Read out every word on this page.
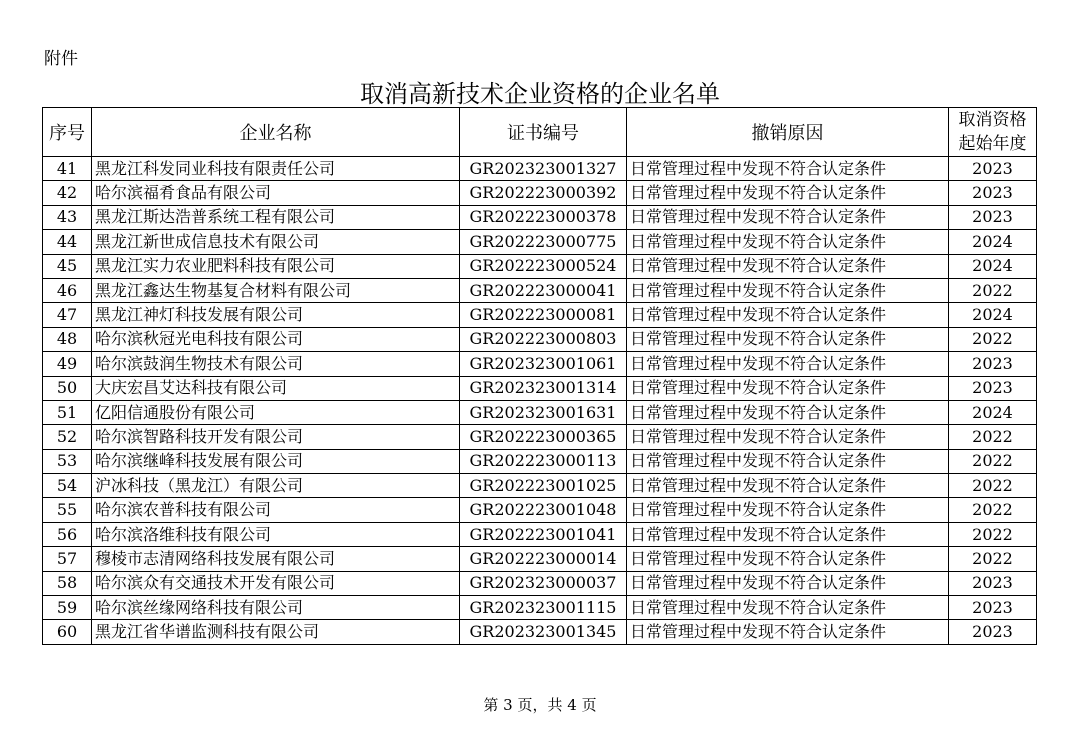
附件
取消高新技术企业资格的企业名单
序号	企业名称	证书编号	撤销原因	取消资格
起始年度

41	黑龙江科发同业科技有限责任公司	GR202323001327	日常管理过程中发现不符合认定条件	2023
42	哈尔滨福肴食品有限公司	GR202223000392	日常管理过程中发现不符合认定条件	2023
43	黑龙江斯达浩普系统工程有限公司	GR202223000378	日常管理过程中发现不符合认定条件	2023
44	黑龙江新世成信息技术有限公司	GR202223000775	日常管理过程中发现不符合认定条件	2024
45	黑龙江实力农业肥料科技有限公司	GR202223000524	日常管理过程中发现不符合认定条件	2024
46	黑龙江鑫达生物基复合材料有限公司	GR202223000041	日常管理过程中发现不符合认定条件	2022
47	黑龙江神灯科技发展有限公司	GR202223000081	日常管理过程中发现不符合认定条件	2024
48	哈尔滨秋冠光电科技有限公司	GR202223000803	日常管理过程中发现不符合认定条件	2022
49	哈尔滨鼓润生物技术有限公司	GR202323001061	日常管理过程中发现不符合认定条件	2023
50	大庆宏昌艾达科技有限公司	GR202323001314	日常管理过程中发现不符合认定条件	2023
51	亿阳信通股份有限公司	GR202323001631	日常管理过程中发现不符合认定条件	2024
52	哈尔滨智路科技开发有限公司	GR202223000365	日常管理过程中发现不符合认定条件	2022
53	哈尔滨继峰科技发展有限公司	GR202223000113	日常管理过程中发现不符合认定条件	2022
54	沪冰科技（黑龙江）有限公司	GR202223001025	日常管理过程中发现不符合认定条件	2022
55	哈尔滨农普科技有限公司	GR202223001048	日常管理过程中发现不符合认定条件	2022
56	哈尔滨洛维科技有限公司	GR202223001041	日常管理过程中发现不符合认定条件	2022
57	穆棱市志清网络科技发展有限公司	GR202223000014	日常管理过程中发现不符合认定条件	2022
58	哈尔滨众有交通技术开发有限公司	GR202323000037	日常管理过程中发现不符合认定条件	2023
59	哈尔滨丝缘网络科技有限公司	GR202323001115	日常管理过程中发现不符合认定条件	2023
60	黑龙江省华谱监测科技有限公司	GR202323001345	日常管理过程中发现不符合认定条件	2023
第 3 页，共 4 页
